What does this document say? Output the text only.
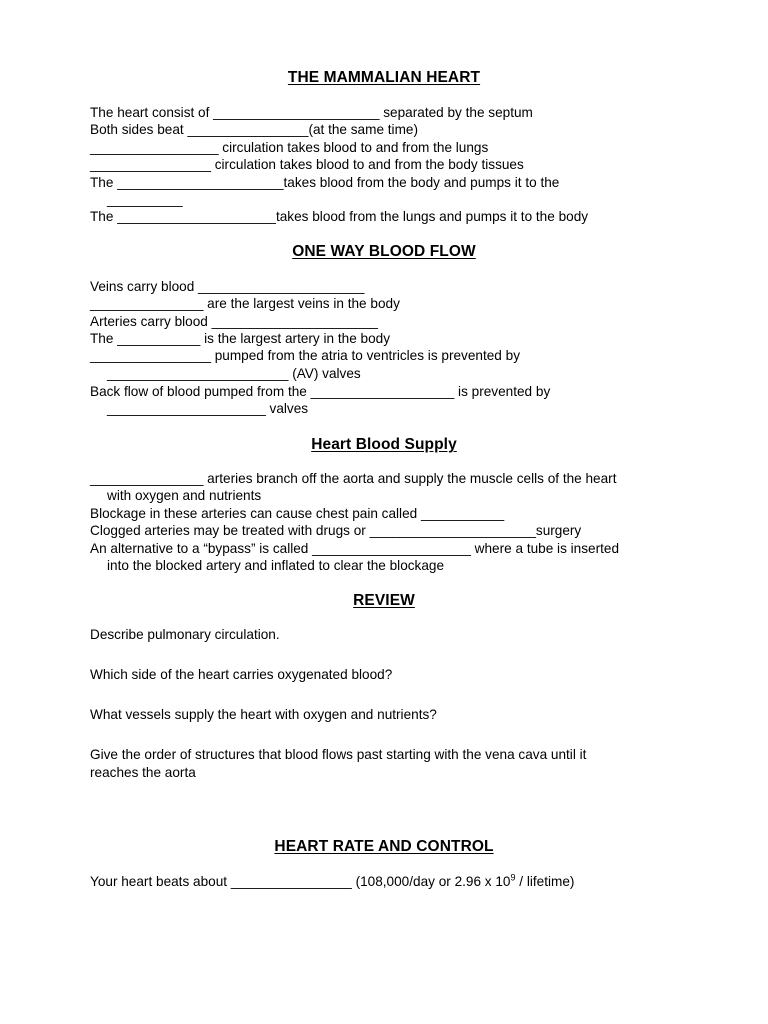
THE MAMMALIAN HEART
The heart consist of ______________________ separated by the septum
Both sides beat ________________(at the same time)
_________________ circulation takes blood to and from the lungs
________________ circulation takes blood to and from the body tissues
The ______________________takes blood from the body and pumps it to the
__________
The _____________________takes blood from the lungs and pumps it to the body
ONE WAY BLOOD FLOW
Veins carry blood ______________________
_______________ are the largest veins in the body
Arteries carry blood ______________________
The ___________ is the largest artery in the body
________________ pumped from the atria to ventricles is prevented by
________________________ (AV) valves
Back flow of blood pumped from the ___________________ is prevented by
_____________________ valves
Heart Blood Supply
_______________ arteries branch off the aorta and supply the muscle cells of the heart
with oxygen and nutrients
Blockage in these arteries can cause chest pain called ___________
Clogged arteries may be treated with drugs or ______________________surgery
An alternative to a “bypass” is called _____________________ where a tube is inserted
into the blocked artery and inflated to clear the blockage
REVIEW
Describe pulmonary circulation.
Which side of the heart carries oxygenated blood?
What vessels supply the heart with oxygen and nutrients?
Give the order of structures that blood flows past starting with the vena cava until it
reaches the aorta
HEART RATE AND CONTROL
Your heart beats about ________________ (108,000/day or 2.96 x $10^9$ / lifetime)
